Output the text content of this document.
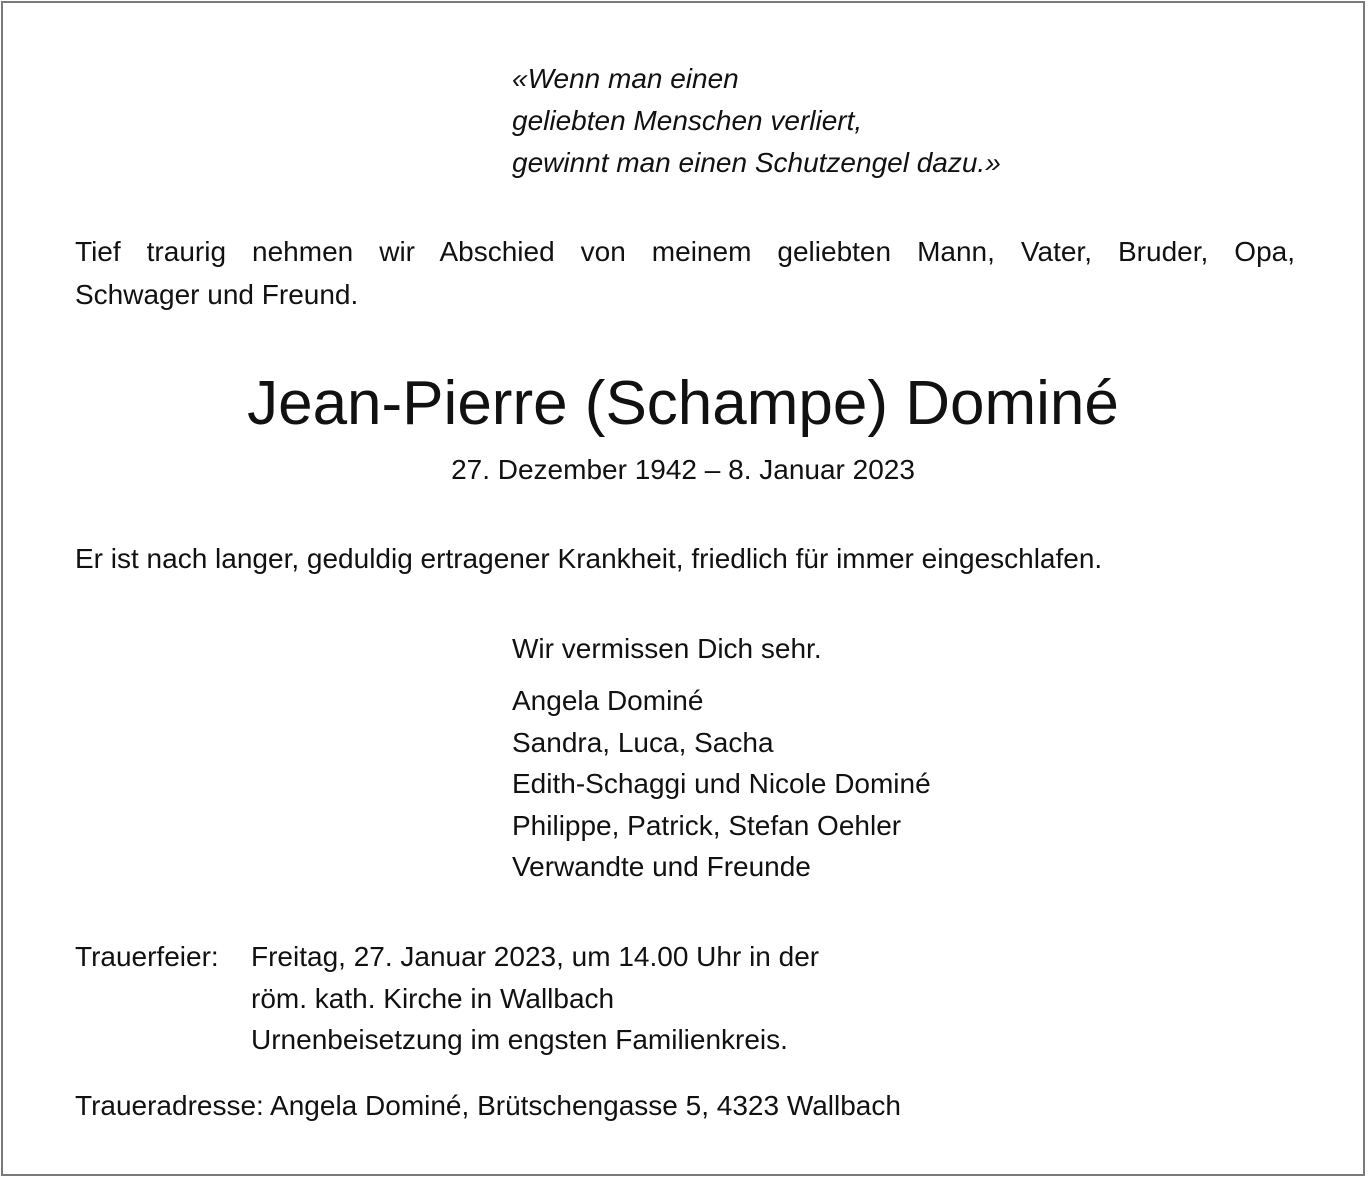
«Wenn man einen
geliebten Menschen verliert,
gewinnt man einen Schutzengel dazu.»
Tief traurig nehmen wir Abschied von meinem geliebten Mann, Vater, Bruder, Opa,
Schwager und Freund.
Jean-Pierre (Schampe) Dominé
27. Dezember 1942 – 8. Januar 2023
Er ist nach langer, geduldig ertragener Krankheit, friedlich für immer eingeschlafen.
Wir vermissen Dich sehr.
Angela Dominé
Sandra, Luca, Sacha
Edith-Schaggi und Nicole Dominé
Philippe, Patrick, Stefan Oehler
Verwandte und Freunde
Trauerfeier: Freitag, 27. Januar 2023, um 14.00 Uhr in der
röm. kath. Kirche in Wallbach
Urnenbeisetzung im engsten Familienkreis.
Traueradresse: Angela Dominé, Brütschengasse 5, 4323 Wallbach
